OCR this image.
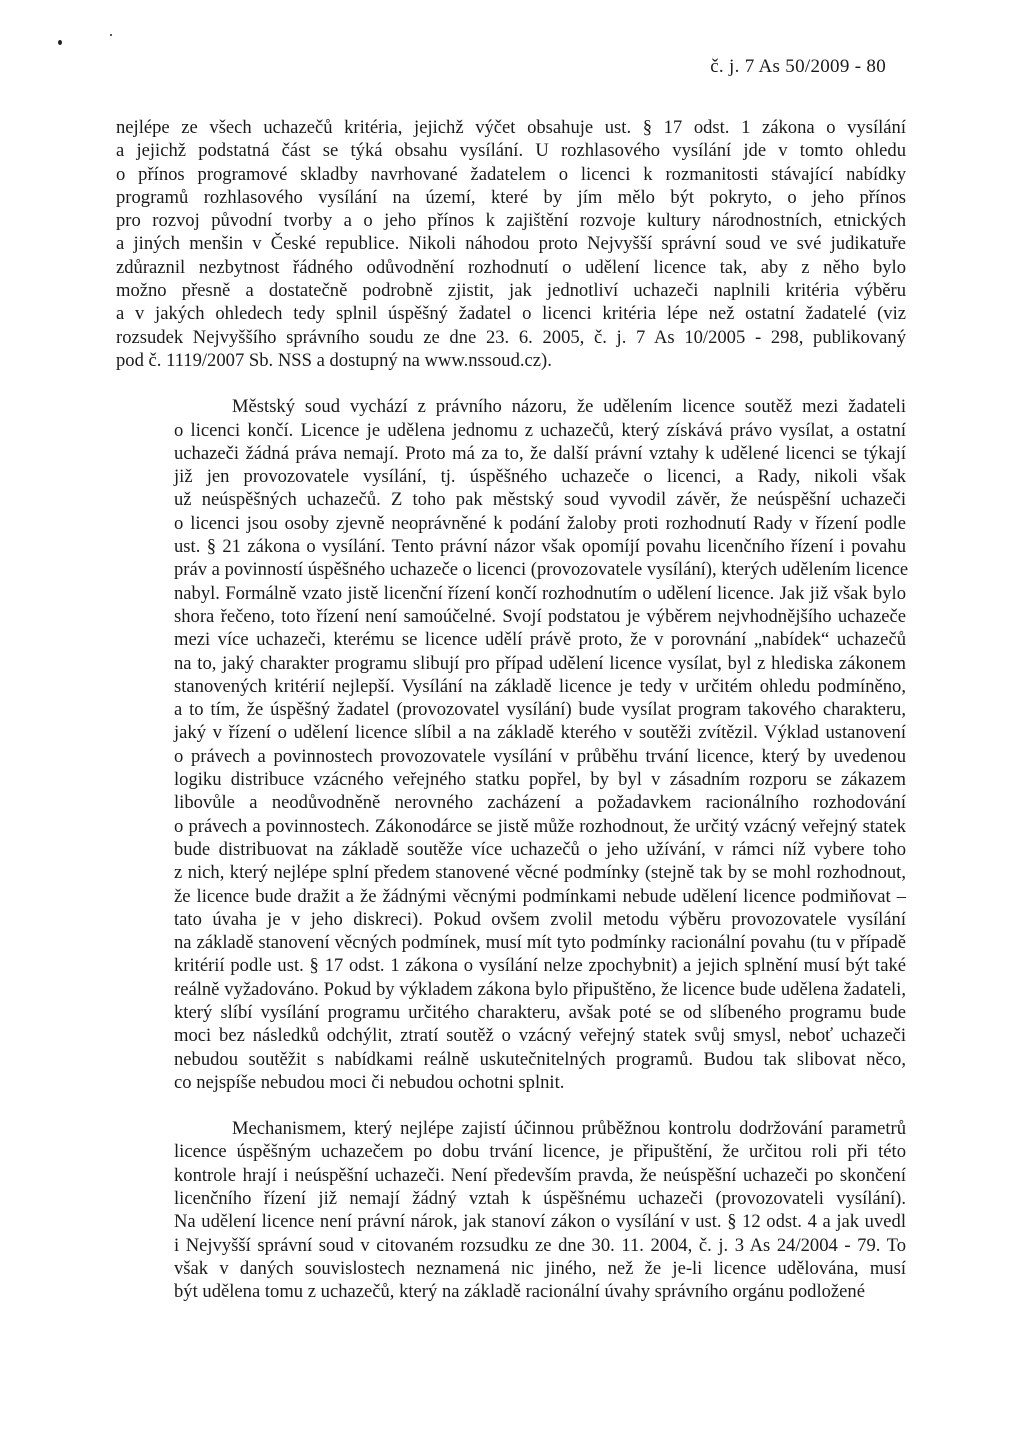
č. j. 7 As 50/2009 - 80
nejlépe ze všech uchazečů kritéria, jejichž výčet obsahuje ust. § 17 odst. 1 zákona o vysílání
a jejichž podstatná část se týká obsahu vysílání. U rozhlasového vysílání jde v tomto ohledu
o přínos programové skladby navrhované žadatelem o licenci k rozmanitosti stávající nabídky
programů rozhlasového vysílání na území, které by jím mělo být pokryto, o jeho přínos
pro rozvoj původní tvorby a o jeho přínos k zajištění rozvoje kultury národnostních, etnických
a jiných menšin v České republice. Nikoli náhodou proto Nejvyšší správní soud ve své judikatuře
zdůraznil nezbytnost řádného odůvodnění rozhodnutí o udělení licence tak, aby z něho bylo
možno přesně a dostatečně podrobně zjistit, jak jednotliví uchazeči naplnili kritéria výběru
a v jakých ohledech tedy splnil úspěšný žadatel o licenci kritéria lépe než ostatní žadatelé (viz
rozsudek Nejvyššího správního soudu ze dne 23. 6. 2005, č. j. 7 As 10/2005 - 298, publikovaný
pod č. 1119/2007 Sb. NSS a dostupný na www.nssoud.cz).
Městský soud vychází z právního názoru, že udělením licence soutěž mezi žadateli
o licenci končí. Licence je udělena jednomu z uchazečů, který získává právo vysílat, a ostatní
uchazeči žádná práva nemají. Proto má za to, že další právní vztahy k udělené licenci se týkají
již jen provozovatele vysílání, tj. úspěšného uchazeče o licenci, a Rady, nikoli však
už neúspěšných uchazečů. Z toho pak městský soud vyvodil závěr, že neúspěšní uchazeči
o licenci jsou osoby zjevně neoprávněné k podání žaloby proti rozhodnutí Rady v řízení podle
ust. § 21 zákona o vysílání. Tento právní názor však opomíjí povahu licenčního řízení i povahu
práv a povinností úspěšného uchazeče o licenci (provozovatele vysílání), kterých udělením licence
nabyl. Formálně vzato jistě licenční řízení končí rozhodnutím o udělení licence. Jak již však bylo
shora řečeno, toto řízení není samoúčelné. Svojí podstatou je výběrem nejvhodnějšího uchazeče
mezi více uchazeči, kterému se licence udělí právě proto, že v porovnání „nabídek“ uchazečů
na to, jaký charakter programu slibují pro případ udělení licence vysílat, byl z hlediska zákonem
stanovených kritérií nejlepší. Vysílání na základě licence je tedy v určitém ohledu podmíněno,
a to tím, že úspěšný žadatel (provozovatel vysílání) bude vysílat program takového charakteru,
jaký v řízení o udělení licence slíbil a na základě kterého v soutěži zvítězil. Výklad ustanovení
o právech a povinnostech provozovatele vysílání v průběhu trvání licence, který by uvedenou
logiku distribuce vzácného veřejného statku popřel, by byl v zásadním rozporu se zákazem
libovůle a neodůvodněně nerovného zacházení a požadavkem racionálního rozhodování
o právech a povinnostech. Zákonodárce se jistě může rozhodnout, že určitý vzácný veřejný statek
bude distribuovat na základě soutěže více uchazečů o jeho užívání, v rámci níž vybere toho
z nich, který nejlépe splní předem stanovené věcné podmínky (stejně tak by se mohl rozhodnout,
že licence bude dražit a že žádnými věcnými podmínkami nebude udělení licence podmiňovat –
tato úvaha je v jeho diskreci). Pokud ovšem zvolil metodu výběru provozovatele vysílání
na základě stanovení věcných podmínek, musí mít tyto podmínky racionální povahu (tu v případě
kritérií podle ust. § 17 odst. 1 zákona o vysílání nelze zpochybnit) a jejich splnění musí být také
reálně vyžadováno. Pokud by výkladem zákona bylo připuštěno, že licence bude udělena žadateli,
který slíbí vysílání programu určitého charakteru, avšak poté se od slíbeného programu bude
moci bez následků odchýlit, ztratí soutěž o vzácný veřejný statek svůj smysl, neboť uchazeči
nebudou soutěžit s nabídkami reálně uskutečnitelných programů. Budou tak slibovat něco,
co nejspíše nebudou moci či nebudou ochotni splnit.
Mechanismem, který nejlépe zajistí účinnou průběžnou kontrolu dodržování parametrů
licence úspěšným uchazečem po dobu trvání licence, je připuštění, že určitou roli při této
kontrole hrají i neúspěšní uchazeči. Není především pravda, že neúspěšní uchazeči po skončení
licenčního řízení již nemají žádný vztah k úspěšnému uchazeči (provozovateli vysílání).
Na udělení licence není právní nárok, jak stanoví zákon o vysílání v ust. § 12 odst. 4 a jak uvedl
i Nejvyšší správní soud v citovaném rozsudku ze dne 30. 11. 2004, č. j. 3 As 24/2004 - 79. To
však v daných souvislostech neznamená nic jiného, než že je-li licence udělována, musí
být udělena tomu z uchazečů, který na základě racionální úvahy správního orgánu podložené
